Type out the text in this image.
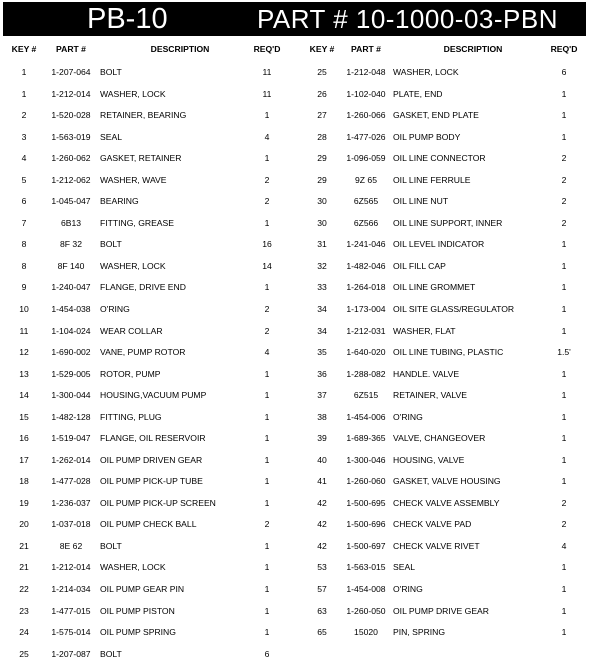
PB-10	PART # 10-1000-03-PBN
KEY #	PART #	DESCRIPTION	REQ'D	KEY #	PART #	DESCRIPTION	REQ'D
1	1-207-064	BOLT	11
1	1-212-014	WASHER, LOCK	11
2	1-520-028	RETAINER, BEARING	1
3	1-563-019	SEAL	4
4	1-260-062	GASKET, RETAINER	1
5	1-212-062	WASHER, WAVE	2
6	1-045-047	BEARING	2
7	6B13	FITTING, GREASE	1
8	8F 32	BOLT	16
8	8F 140	WASHER, LOCK	14
9	1-240-047	FLANGE, DRIVE END	1
10	1-454-038	O'RING	2
11	1-104-024	WEAR COLLAR	2
12	1-690-002	VANE, PUMP ROTOR	4
13	1-529-005	ROTOR, PUMP	1
14	1-300-044	HOUSING,VACUUM PUMP	1
15	1-482-128	FITTING, PLUG	1
16	1-519-047	FLANGE, OIL RESERVOIR	1
17	1-262-014	OIL PUMP DRIVEN GEAR	1
18	1-477-028	OIL PUMP PICK-UP TUBE	1
19	1-236-037	OIL PUMP PICK-UP SCREEN	1
20	1-037-018	OIL PUMP CHECK BALL	2
21	8E 62	BOLT	1
21	1-212-014	WASHER, LOCK	1
22	1-214-034	OIL PUMP GEAR PIN	1
23	1-477-015	OIL PUMP PISTON	1
24	1-575-014	OIL PUMP SPRING	1
25	1-207-087	BOLT	6
25	1-212-048 WASHER, LOCK	6
26	1-102-040 PLATE, END	1
27	1-260-066 GASKET, END PLATE	1
28	1-477-026 OIL PUMP BODY	1
29	1-096-059 OIL LINE CONNECTOR	2
29	9Z 65	OIL LINE FERRULE	2
30	6Z565	OIL LINE NUT	2
30	6Z566	OIL LINE SUPPORT, INNER	2
31	1-241-046 OIL LEVEL INDICATOR	1
32	1-482-046 OIL FILL CAP	1
33	1-264-018 OIL LINE GROMMET	1
34	1-173-004 OIL SITE GLASS/REGULATOR	1
34	1-212-031 WASHER, FLAT	1
35	1-640-020 OIL LINE TUBING, PLASTIC	1.5'
36	1-288-082 HANDLE. VALVE	1
37	6Z515	RETAINER, VALVE	1
38	1-454-006 O'RING	1
39	1-689-365 VALVE, CHANGEOVER	1
40	1-300-046 HOUSING, VALVE	1
41	1-260-060 GASKET, VALVE HOUSING	1
42	1-500-695 CHECK VALVE ASSEMBLY	2
42	1-500-696 CHECK VALVE PAD	2
42	1-500-697 CHECK VALVE RIVET	4
53	1-563-015 SEAL	1
57	1-454-008 O'RING	1
63	1-260-050 OIL PUMP DRIVE GEAR	1
65	15020	PIN, SPRING	1
